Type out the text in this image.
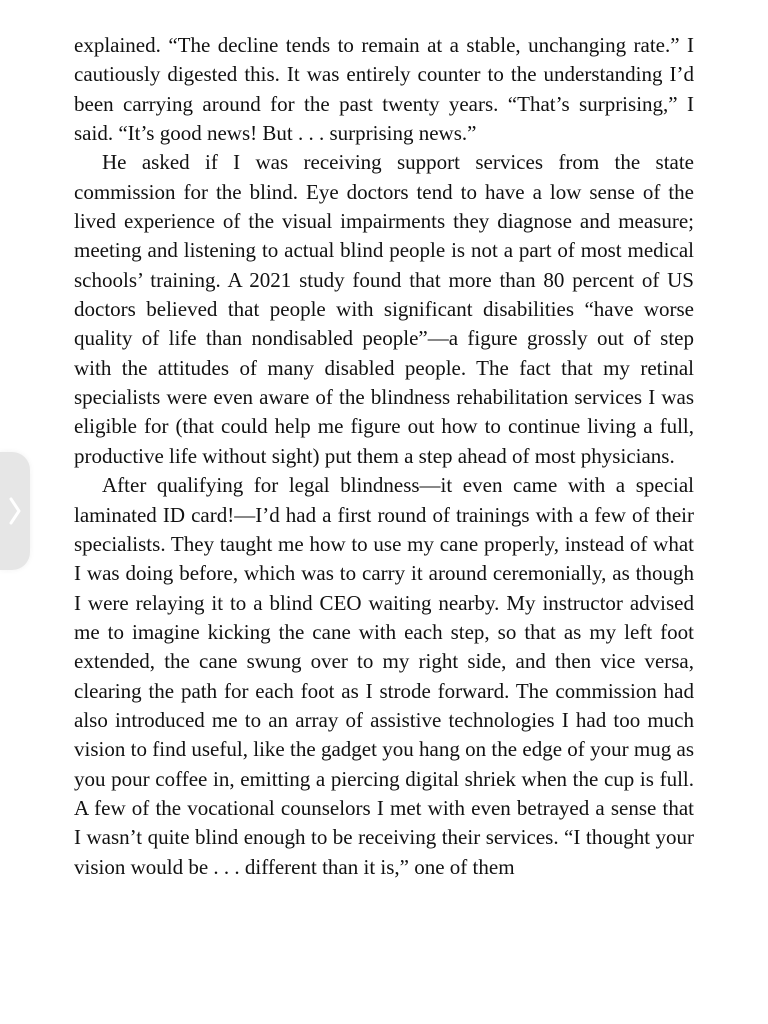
explained. “The decline tends to remain at a stable, unchanging rate.” I cautiously digested this. It was entirely counter to the understanding I’d been carrying around for the past twenty years. “That’s surprising,” I said. “It’s good news! But . . . surprising news.”

He asked if I was receiving support services from the state commission for the blind. Eye doctors tend to have a low sense of the lived experience of the visual impairments they diagnose and measure; meeting and listening to actual blind people is not a part of most medical schools’ training. A 2021 study found that more than 80 percent of US doctors believed that people with significant disabilities “have worse quality of life than nondisabled people”—a figure grossly out of step with the attitudes of many disabled people. The fact that my retinal specialists were even aware of the blindness rehabilitation services I was eligible for (that could help me figure out how to continue living a full, productive life without sight) put them a step ahead of most physicians.

After qualifying for legal blindness—it even came with a special laminated ID card!—I’d had a first round of trainings with a few of their specialists. They taught me how to use my cane properly, instead of what I was doing before, which was to carry it around ceremonially, as though I were relaying it to a blind CEO waiting nearby. My instructor advised me to imagine kicking the cane with each step, so that as my left foot extended, the cane swung over to my right side, and then vice versa, clearing the path for each foot as I strode forward. The commission had also introduced me to an array of assistive technologies I had too much vision to find useful, like the gadget you hang on the edge of your mug as you pour coffee in, emitting a piercing digital shriek when the cup is full. A few of the vocational counselors I met with even betrayed a sense that I wasn’t quite blind enough to be receiving their services. “I thought your vision would be . . . different than it is,” one of them
